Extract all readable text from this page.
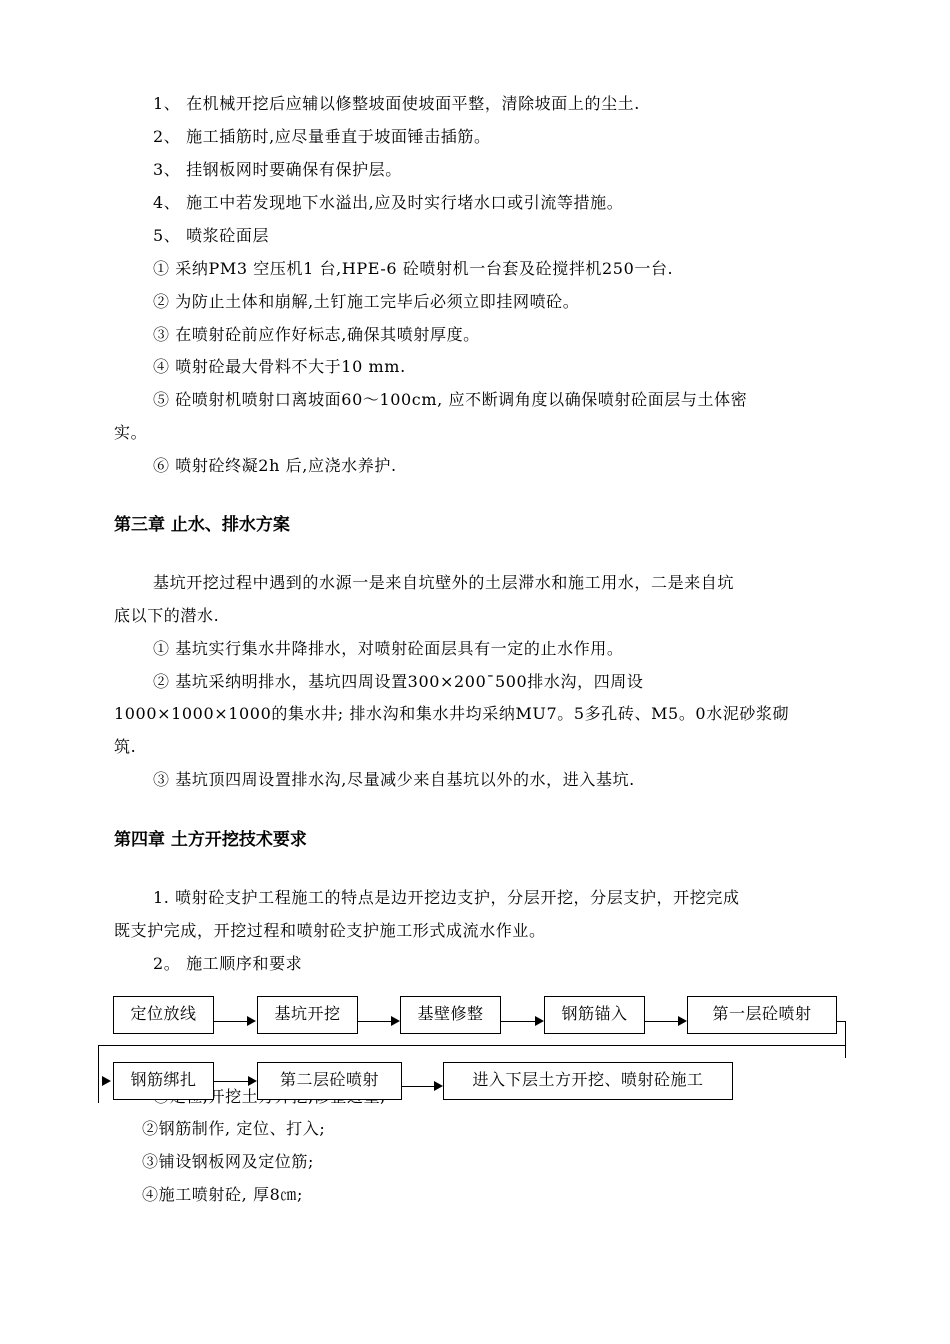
1、 在机械开挖后应辅以修整坡面使坡面平整，清除坡面上的尘土.
2、 施工插筋时,应尽量垂直于坡面锤击插筋。
3、 挂钢板网时要确保有保护层。
4、 施工中若发现地下水溢出,应及时实行堵水口或引流等措施。
5、 喷浆砼面层
① 采纳PM3 空压机1 台,HPE-6 砼喷射机一台套及砼搅拌机250一台.
② 为防止土体和崩解,土钉施工完毕后必须立即挂网喷砼。
③ 在喷射砼前应作好标志,确保其喷射厚度。
④ 喷射砼最大骨料不大于10 mm.
⑤ 砼喷射机喷射口离坡面60～100cm, 应不断调角度以确保喷射砼面层与土体密
实。
⑥ 喷射砼终凝2h 后,应浇水养护.
第三章 止水、排水方案
基坑开挖过程中遇到的水源一是来自坑壁外的土层滞水和施工用水，二是来自坑
底以下的潜水.
① 基坑实行集水井降排水，对喷射砼面层具有一定的止水作用。
② 基坑采纳明排水，基坑四周设置300×200¯500排水沟，四周设
1000×1000×1000的集水井; 排水沟和集水井均采纳MU7。5多孔砖、M5。0水泥砂浆砌
筑.
③ 基坑顶四周设置排水沟,尽量减少来自基坑以外的水，进入基坑.
第四章 土方开挖技术要求
1. 喷射砼支护工程施工的特点是边开挖边支护，分层开挖，分层支护，开挖完成
既支护完成，开挖过程和喷射砼支护施工形式成流水作业。
2。 施工顺序和要求
定位放线	基坑开挖	基壁修整	钢筋锚入	第一层砼喷射
钢筋绑扎	第二层砼喷射	进入下层土方开挖、喷射砼施工
②钢筋制作, 定位、打入;
③铺设钢板网及定位筋;
④施工喷射砼, 厚8㎝;
